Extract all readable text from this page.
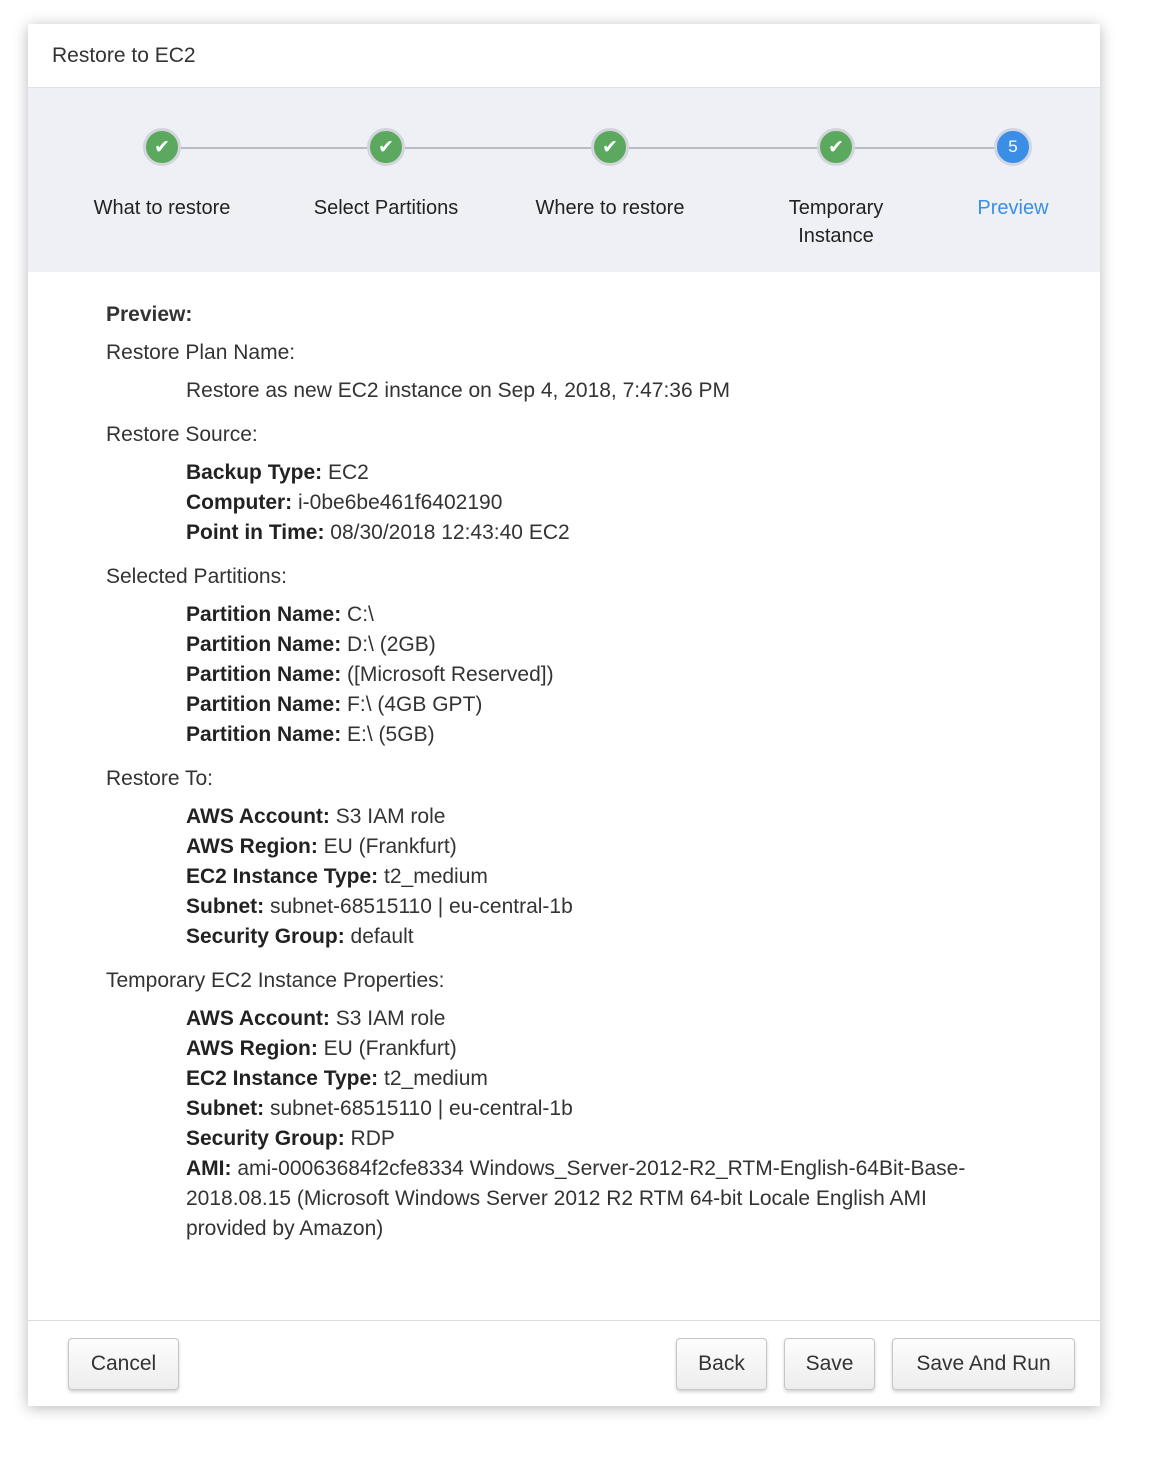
Restore to EC2
✔
What to restore
✔
Select Partitions
✔
Where to restore
✔
Temporary Instance
5
Preview
Preview:
Restore Plan Name:
Restore as new EC2 instance on Sep 4, 2018, 7:47:36 PM
Restore Source:
Backup Type: EC2
Computer: i-0be6be461f6402190
Point in Time: 08/30/2018 12:43:40 EC2
Selected Partitions:
Partition Name: C:\
Partition Name: D:\ (2GB)
Partition Name: ([Microsoft Reserved])
Partition Name: F:\ (4GB GPT)
Partition Name: E:\ (5GB)
Restore To:
AWS Account: S3 IAM role
AWS Region: EU (Frankfurt)
EC2 Instance Type: t2_medium
Subnet: subnet-68515110 | eu-central-1b
Security Group: default
Temporary EC2 Instance Properties:
AWS Account: S3 IAM role
AWS Region: EU (Frankfurt)
EC2 Instance Type: t2_medium
Subnet: subnet-68515110 | eu-central-1b
Security Group: RDP
AMI: ami-00063684f2cfe8334 Windows_Server-2012-R2_RTM-English-64Bit-Base-2018.08.15 (Microsoft Windows Server 2012 R2 RTM 64-bit Locale English AMI provided by Amazon)
Cancel	Back	Save	Save And Run
